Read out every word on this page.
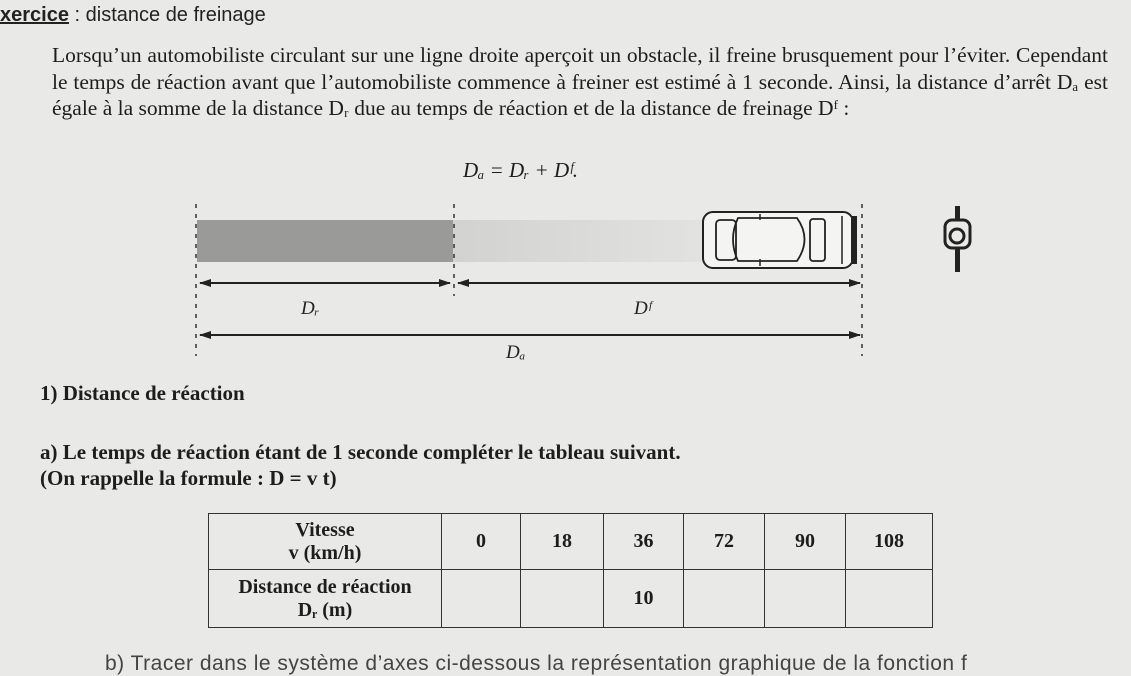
xercice : distance de freinage
Lorsqu’un automobiliste circulant sur une ligne droite aperçoit un obstacle, il freine brusquement pour l’éviter. Cependant le temps de réaction avant que l’automobiliste commence à freiner est estimé à 1 seconde. Ainsi, la distance d’arrêt Dₐ est égale à la somme de la distance Dᵣ due au temps de réaction et de la distance de freinage Dᶠ :
Dₐ = Dᵣ + Dᶠ.
Dᵣ	Dᶠ
Dₐ
1) Distance de réaction
a) Le temps de réaction étant de 1 seconde compléter le tableau suivant.
(On rappelle la formule : D = v t)
Vitesse
v (km/h)	0	18	36	72	90	108

Distance de réaction
Dᵣ (m)			10			
b) Tracer dans le système d’axes ci-dessous la représentation graphique de la fonction f
